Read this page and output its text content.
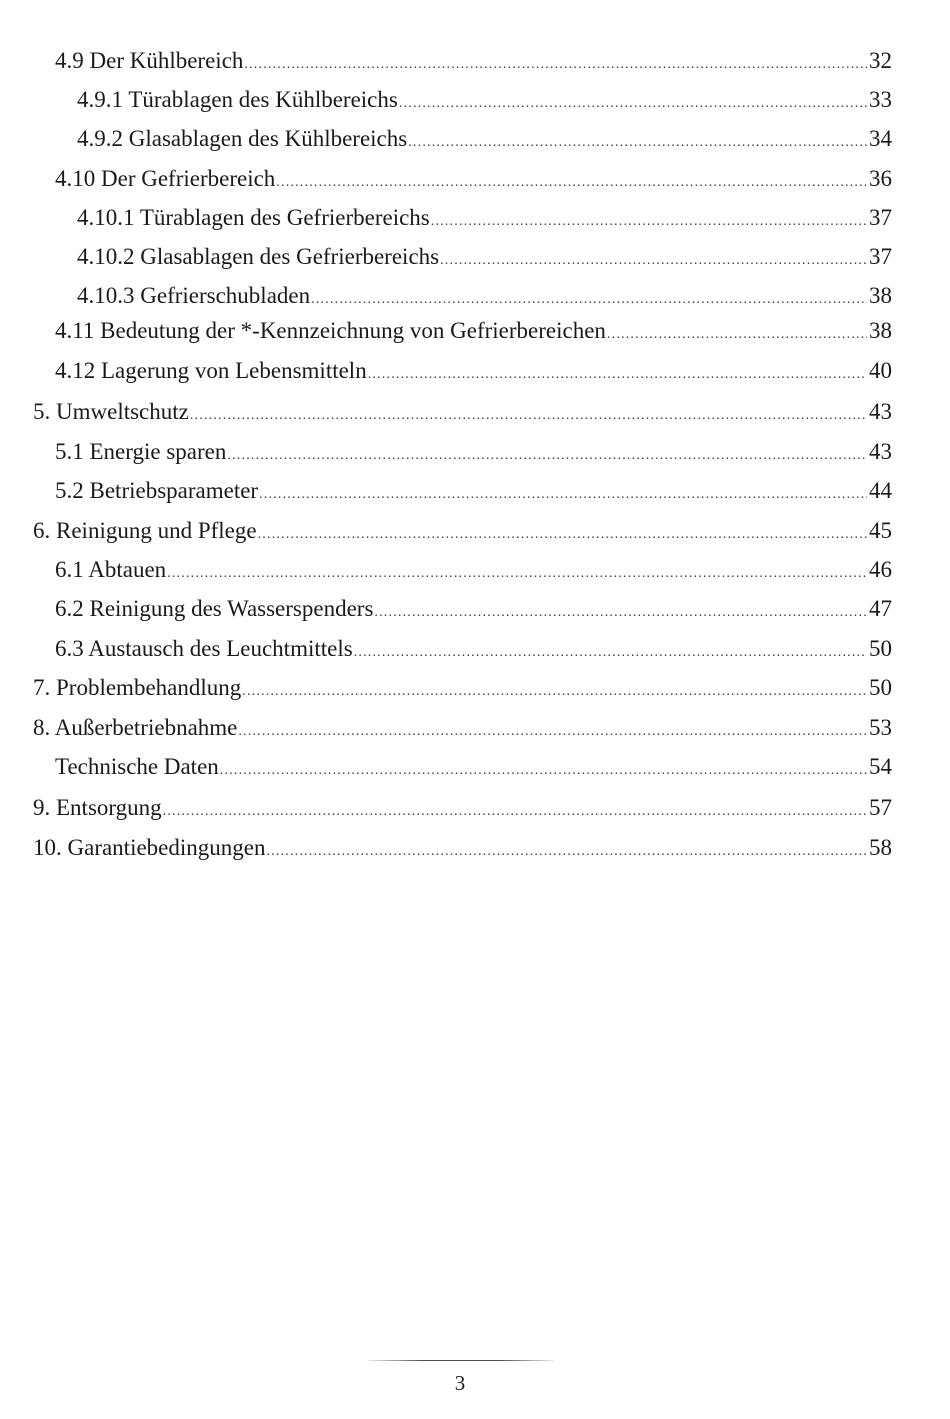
4.9 Der Kühlbereich .....	32
4.9.1 Türablagen des Kühlbereichs .....	33
4.9.2 Glasablagen des Kühlbereichs .....	34
4.10 Der Gefrierbereich .....	36
4.10.1 Türablagen des Gefrierbereichs .....	37
4.10.2 Glasablagen des Gefrierbereichs .....	37
4.10.3 Gefrierschubladen .....	38
4.11 Bedeutung der *-Kennzeichnung von Gefrierbereichen .....	38
4.12 Lagerung von Lebensmitteln .....	40
5. Umweltschutz .....	43
5.1 Energie sparen .....	43
5.2 Betriebsparameter .....	44
6. Reinigung und Pflege .....	45
6.1 Abtauen .....	46
6.2 Reinigung des Wasserspenders .....	47
6.3 Austausch des Leuchtmittels .....	50
7. Problembehandlung .....	50
8. Außerbetriebnahme .....	53
Technische Daten .....	54
9. Entsorgung .....	57
10. Garantiebedingungen .....	58
3
